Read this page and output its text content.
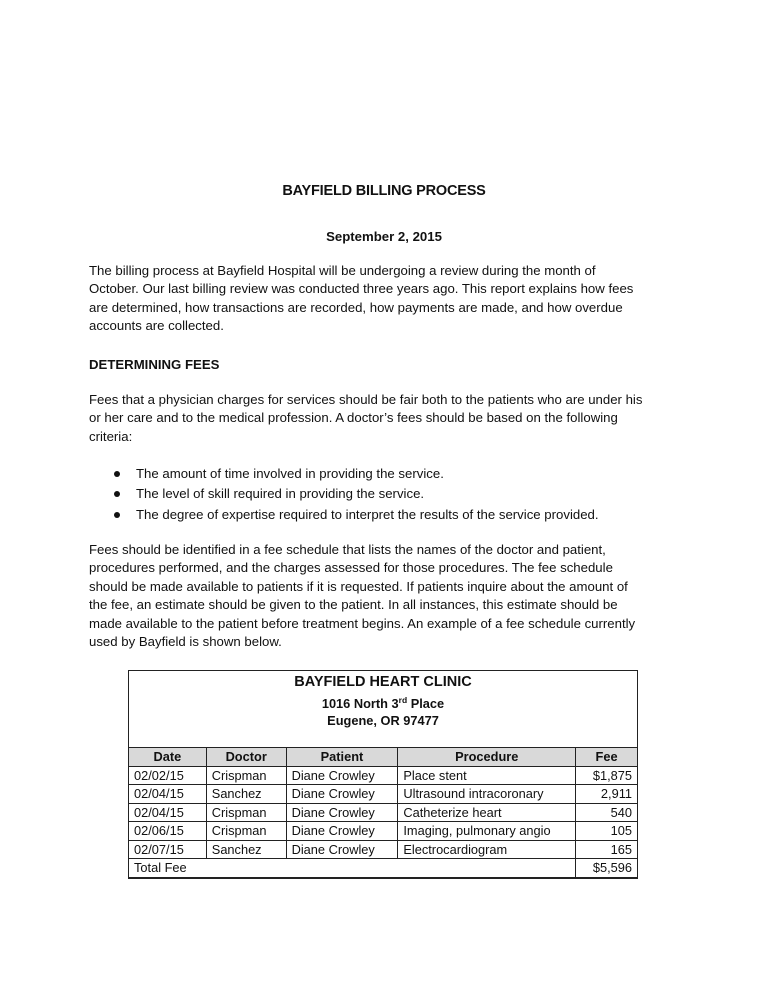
BAYFIELD BILLING PROCESS
September 2, 2015
The billing process at Bayfield Hospital will be undergoing a review during the month of
October. Our last billing review was conducted three years ago. This report explains how fees
are determined, how transactions are recorded, how payments are made, and how overdue
accounts are collected.
DETERMINING FEES
Fees that a physician charges for services should be fair both to the patients who are under his
or her care and to the medical profession. A doctor’s fees should be based on the following
criteria:
The amount of time involved in providing the service.
The level of skill required in providing the service.
The degree of expertise required to interpret the results of the service provided.
Fees should be identified in a fee schedule that lists the names of the doctor and patient,
procedures performed, and the charges assessed for those procedures. The fee schedule
should be made available to patients if it is requested. If patients inquire about the amount of
the fee, an estimate should be given to the patient. In all instances, this estimate should be
made available to the patient before treatment begins. An example of a fee schedule currently
used by Bayfield is shown below.
BAYFIELD HEART CLINIC
1016 North 3rd Place
Eugene, OR 97477
Date	Doctor	Patient	Procedure	Fee
02/02/15	Crispman	Diane Crowley	Place stent	$1,875
02/04/15	Sanchez	Diane Crowley	Ultrasound intracoronary	2,911
02/04/15	Crispman	Diane Crowley	Catheterize heart	540
02/06/15	Crispman	Diane Crowley	Imaging, pulmonary angio	105
02/07/15	Sanchez	Diane Crowley	Electrocardiogram	165
Total Fee				$5,596
